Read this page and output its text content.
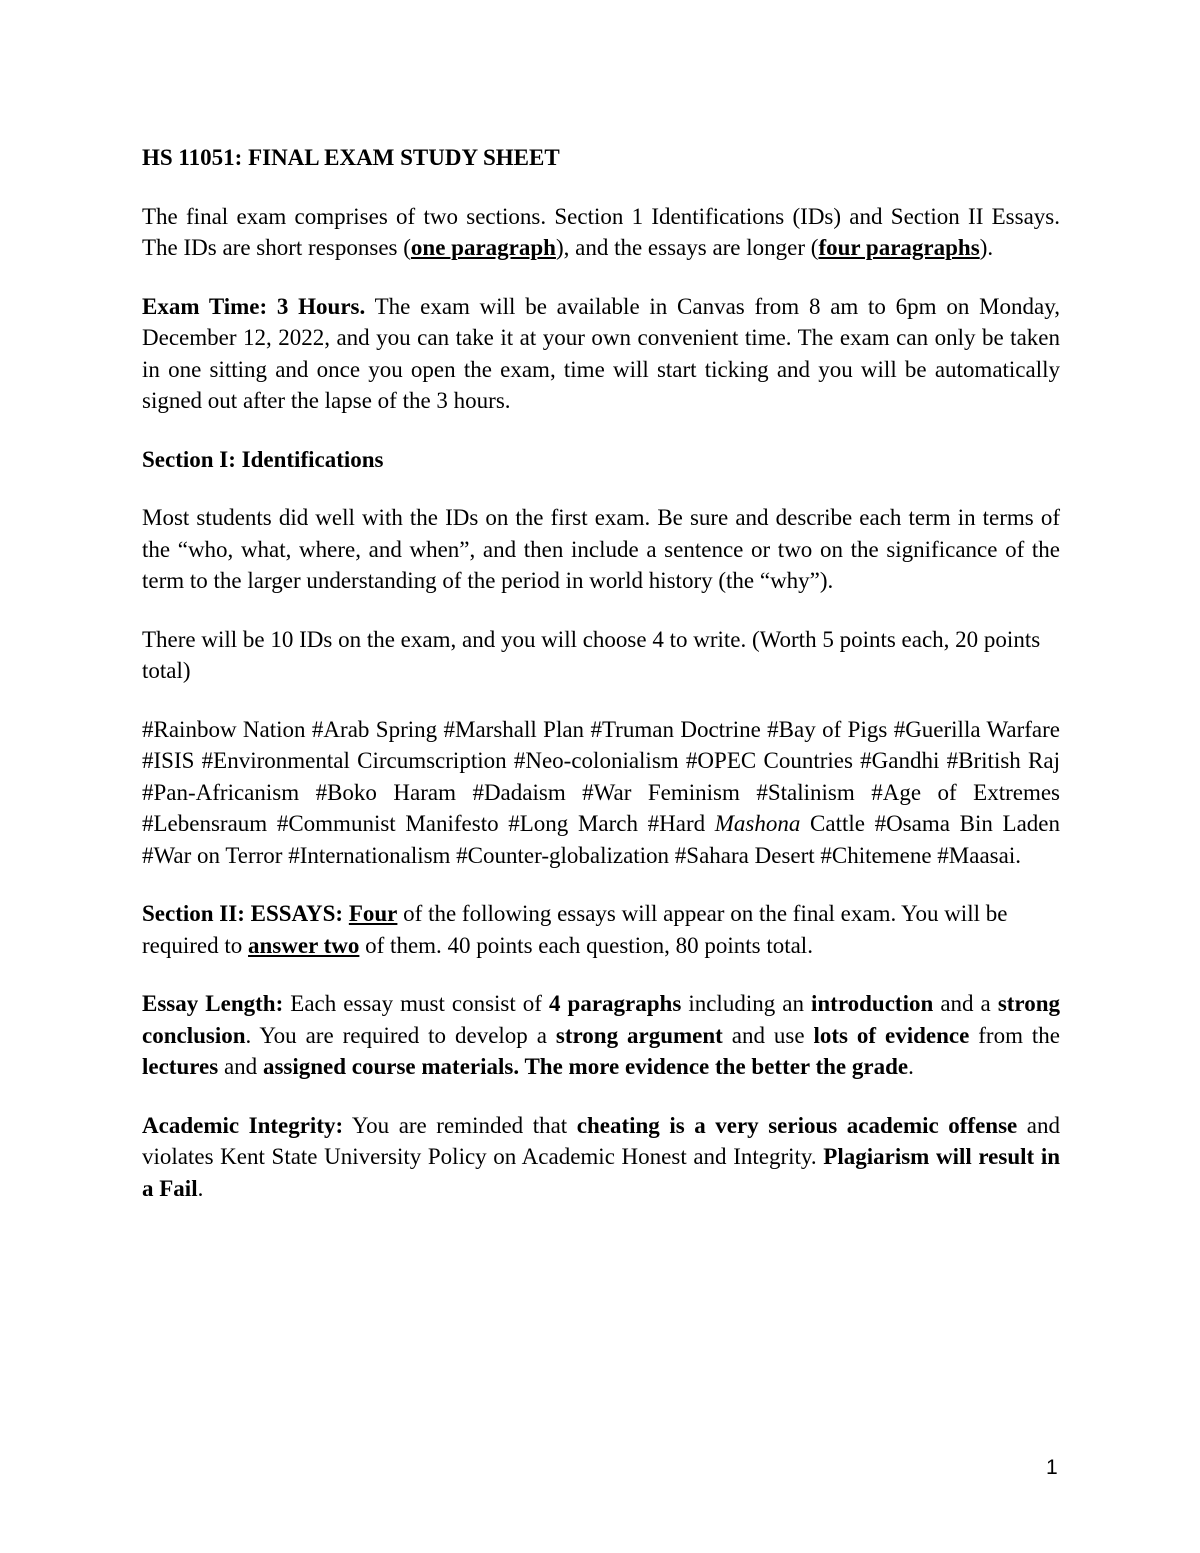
HS 11051: FINAL EXAM STUDY SHEET

The final exam comprises of two sections. Section 1 Identifications (IDs) and Section II Essays. The IDs are short responses (one paragraph), and the essays are longer (four paragraphs).

Exam Time: 3 Hours. The exam will be available in Canvas from 8 am to 6pm on Monday, December 12, 2022, and you can take it at your own convenient time. The exam can only be taken in one sitting and once you open the exam, time will start ticking and you will be automatically signed out after the lapse of the 3 hours.

Section I: Identifications

Most students did well with the IDs on the first exam. Be sure and describe each term in terms of the “who, what, where, and when”, and then include a sentence or two on the significance of the term to the larger understanding of the period in world history (the “why”).

There will be 10 IDs on the exam, and you will choose 4 to write. (Worth 5 points each, 20 points total)

#Rainbow Nation #Arab Spring #Marshall Plan #Truman Doctrine #Bay of Pigs #Guerilla Warfare #ISIS #Environmental Circumscription #Neo-colonialism #OPEC Countries #Gandhi #British Raj #Pan-Africanism #Boko Haram #Dadaism #War Feminism #Stalinism #Age of Extremes #Lebensraum #Communist Manifesto #Long March #Hard Mashona Cattle #Osama Bin Laden #War on Terror #Internationalism #Counter-globalization #Sahara Desert #Chitemene #Maasai.

Section II: ESSAYS: Four of the following essays will appear on the final exam. You will be required to answer two of them. 40 points each question, 80 points total.

Essay Length: Each essay must consist of 4 paragraphs including an introduction and a strong conclusion. You are required to develop a strong argument and use lots of evidence from the lectures and assigned course materials. The more evidence the better the grade.

Academic Integrity: You are reminded that cheating is a very serious academic offense and violates Kent State University Policy on Academic Honest and Integrity. Plagiarism will result in a Fail.

1
